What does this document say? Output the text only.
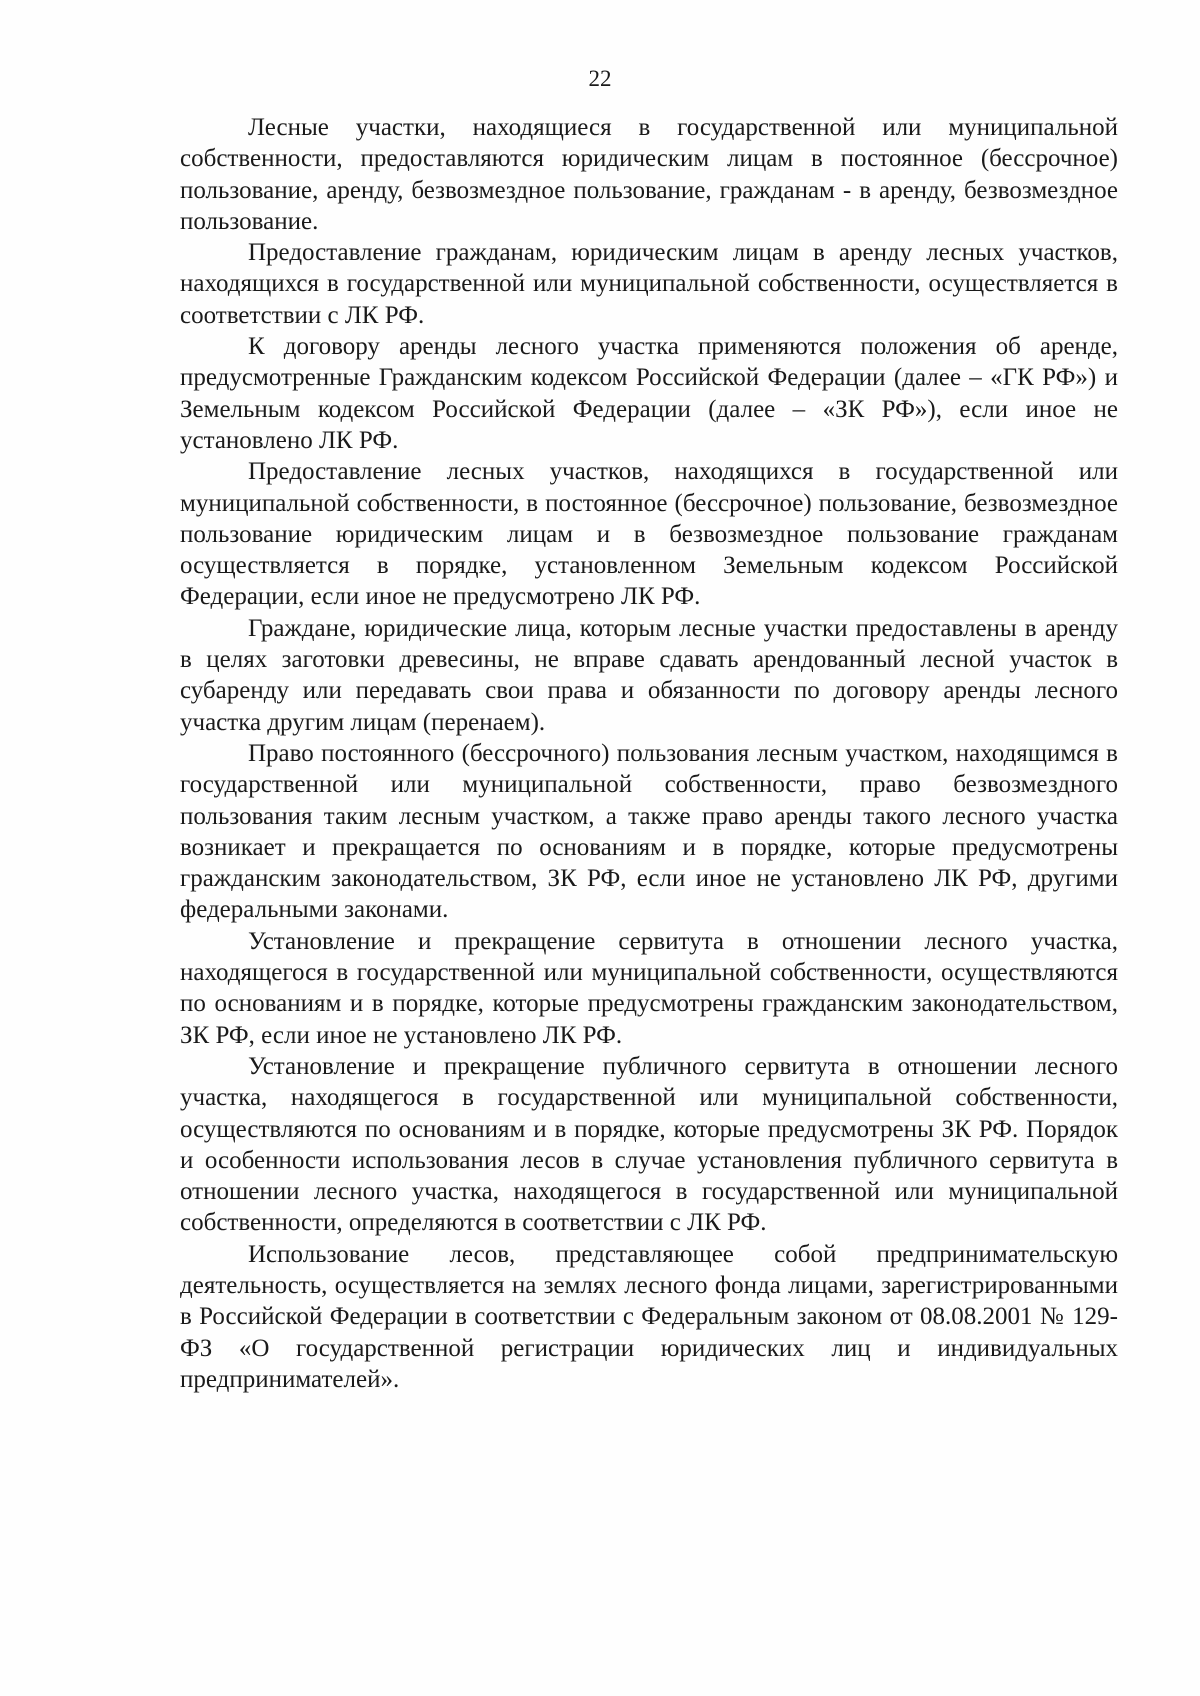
22

Лесные участки, находящиеся в государственной или муниципальной собственности, предоставляются юридическим лицам в постоянное (бессрочное) пользование, аренду, безвозмездное пользование, гражданам - в аренду, безвозмездное пользование.

Предоставление гражданам, юридическим лицам в аренду лесных участков, находящихся в государственной или муниципальной собственности, осуществляется в соответствии с ЛК РФ.

К договору аренды лесного участка применяются положения об аренде, предусмотренные Гражданским кодексом Российской Федерации (далее – «ГК РФ») и Земельным кодексом Российской Федерации (далее – «ЗК РФ»), если иное не установлено ЛК РФ.

Предоставление лесных участков, находящихся в государственной или муниципальной собственности, в постоянное (бессрочное) пользование, безвозмездное пользование юридическим лицам и в безвозмездное пользование гражданам осуществляется в порядке, установленном Земельным кодексом Российской Федерации, если иное не предусмотрено ЛК РФ.

Граждане, юридические лица, которым лесные участки предоставлены в аренду в целях заготовки древесины, не вправе сдавать арендованный лесной участок в субаренду или передавать свои права и обязанности по договору аренды лесного участка другим лицам (перенаем).

Право постоянного (бессрочного) пользования лесным участком, находящимся в государственной или муниципальной собственности, право безвозмездного пользования таким лесным участком, а также право аренды такого лесного участка возникает и прекращается по основаниям и в порядке, которые предусмотрены гражданским законодательством, ЗК РФ, если иное не установлено ЛК РФ, другими федеральными законами.

Установление и прекращение сервитута в отношении лесного участка, находящегося в государственной или муниципальной собственности, осуществляются по основаниям и в порядке, которые предусмотрены гражданским законодательством, ЗК РФ, если иное не установлено ЛК РФ.

Установление и прекращение публичного сервитута в отношении лесного участка, находящегося в государственной или муниципальной собственности, осуществляются по основаниям и в порядке, которые предусмотрены ЗК РФ. Порядок и особенности использования лесов в случае установления публичного сервитута в отношении лесного участка, находящегося в государственной или муниципальной собственности, определяются в соответствии с ЛК РФ.

Использование лесов, представляющее собой предпринимательскую деятельность, осуществляется на землях лесного фонда лицами, зарегистрированными в Российской Федерации в соответствии с Федеральным законом от 08.08.2001 № 129-ФЗ «О государственной регистрации юридических лиц и индивидуальных предпринимателей».
